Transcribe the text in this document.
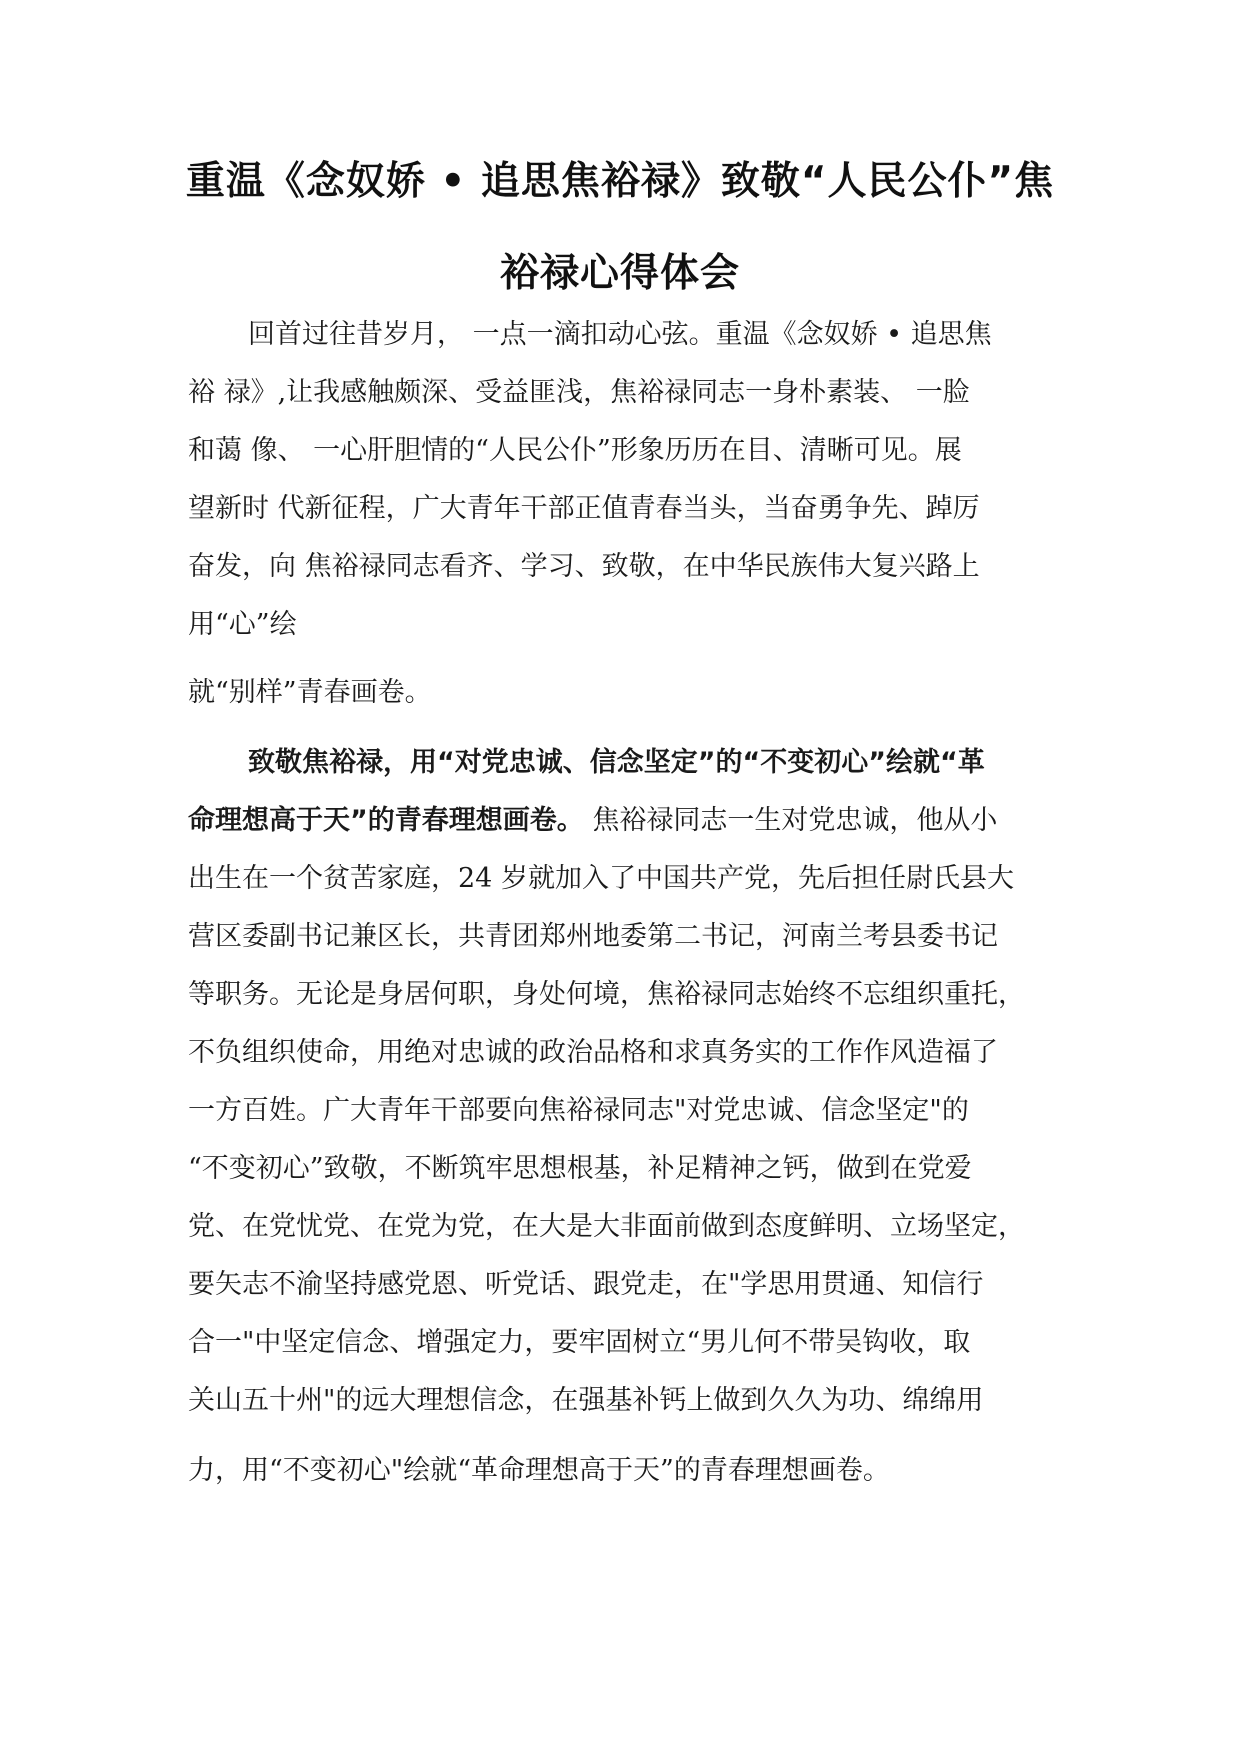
重温《念奴娇 • 追思焦裕禄》致敬“人民公仆”焦
裕禄心得体会
回首过往昔岁月， 一点一滴扣动心弦。重温《念奴娇 • 追思焦
裕 禄》,让我感触颇深、受益匪浅，焦裕禄同志一身朴素装、 一脸
和蔼 像、 一心肝胆情的“人民公仆”形象历历在目、清晰可见。展
望新时 代新征程，广大青年干部正值青春当头，当奋勇争先、踔厉
奋发，向 焦裕禄同志看齐、学习、致敬，在中华民族伟大复兴路上
用“心”绘
就“别样”青春画卷。
致敬焦裕禄，用“对党忠诚、信念坚定”的“不变初心”绘就“革
命理想高于天”的青春理想画卷。 焦裕禄同志一生对党忠诚，他从小
出生在一个贫苦家庭，24 岁就加入了中国共产党，先后担任尉氏县大
营区委副书记兼区长，共青团郑州地委第二书记，河南兰考县委书记
等职务。无论是身居何职，身处何境，焦裕禄同志始终不忘组织重托，
不负组织使命，用绝对忠诚的政治品格和求真务实的工作作风造福了
一方百姓。广大青年干部要向焦裕禄同志"对党忠诚、信念坚定"的
“不变初心”致敬，不断筑牢思想根基，补足精神之钙，做到在党爱
党、在党忧党、在党为党，在大是大非面前做到态度鲜明、立场坚定，
要矢志不渝坚持感党恩、听党话、跟党走，在"学思用贯通、知信行
合一"中坚定信念、增强定力，要牢固树立“男儿何不带吴钩收，取
关山五十州"的远大理想信念，在强基补钙上做到久久为功、绵绵用
力，用“不变初心"绘就“革命理想高于天”的青春理想画卷。
